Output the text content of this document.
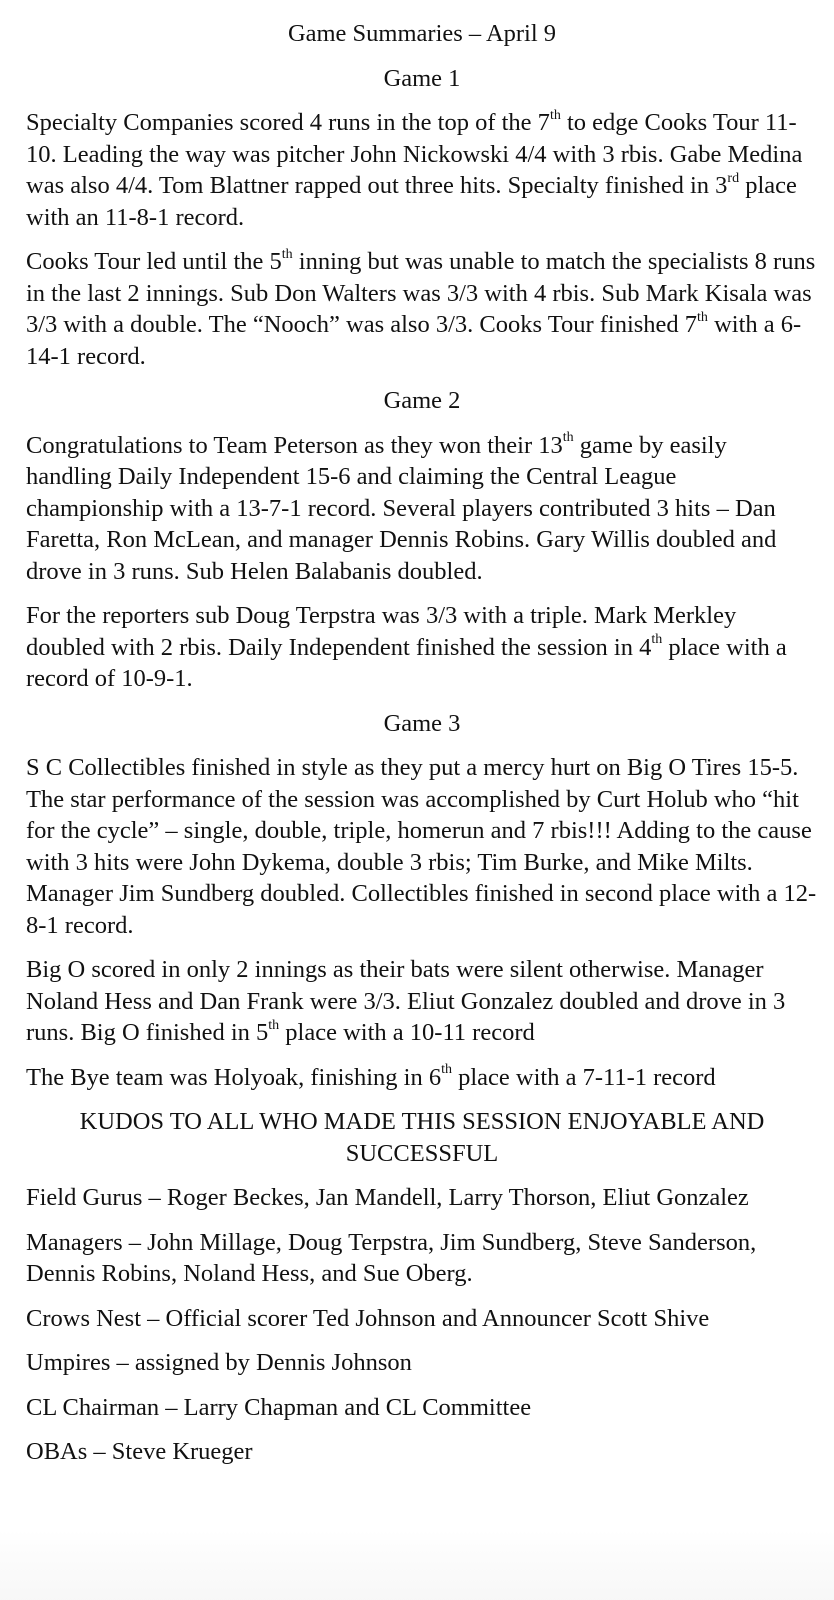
Game Summaries – April 9
Game 1

Specialty Companies scored 4 runs in the top of the 7th to edge Cooks Tour 11-10. Leading the way was pitcher John Nickowski 4/4 with 3 rbis. Gabe Medina was also 4/4. Tom Blattner rapped out three hits. Specialty finished in 3rd place with an 11-8-1 record.

Cooks Tour led until the 5th inning but was unable to match the specialists 8 runs in the last 2 innings. Sub Don Walters was 3/3 with 4 rbis. Sub Mark Kisala was 3/3 with a double. The “Nooch” was also 3/3. Cooks Tour finished 7th with a 6-14-1 record.

Game 2

Congratulations to Team Peterson as they won their 13th game by easily handling Daily Independent 15-6 and claiming the Central League championship with a 13-7-1 record. Several players contributed 3 hits – Dan Faretta, Ron McLean, and manager Dennis Robins. Gary Willis doubled and drove in 3 runs. Sub Helen Balabanis doubled.

For the reporters sub Doug Terpstra was 3/3 with a triple. Mark Merkley doubled with 2 rbis. Daily Independent finished the session in 4th place with a record of 10-9-1.

Game 3

S C Collectibles finished in style as they put a mercy hurt on Big O Tires 15-5. The star performance of the session was accomplished by Curt Holub who “hit for the cycle” – single, double, triple, homerun and 7 rbis!!! Adding to the cause with 3 hits were John Dykema, double 3 rbis; Tim Burke, and Mike Milts. Manager Jim Sundberg doubled. Collectibles finished in second place with a 12-8-1 record.

Big O scored in only 2 innings as their bats were silent otherwise. Manager Noland Hess and Dan Frank were 3/3. Eliut Gonzalez doubled and drove in 3 runs. Big O finished in 5th place with a 10-11 record

The Bye team was Holyoak, finishing in 6th place with a 7-11-1 record

KUDOS TO ALL WHO MADE THIS SESSION ENJOYABLE AND SUCCESSFUL

Field Gurus – Roger Beckes, Jan Mandell, Larry Thorson, Eliut Gonzalez

Managers – John Millage, Doug Terpstra, Jim Sundberg, Steve Sanderson, Dennis Robins, Noland Hess, and Sue Oberg.

Crows Nest – Official scorer Ted Johnson and Announcer Scott Shive

Umpires – assigned by Dennis Johnson

CL Chairman – Larry Chapman and CL Committee

OBAs – Steve Krueger
